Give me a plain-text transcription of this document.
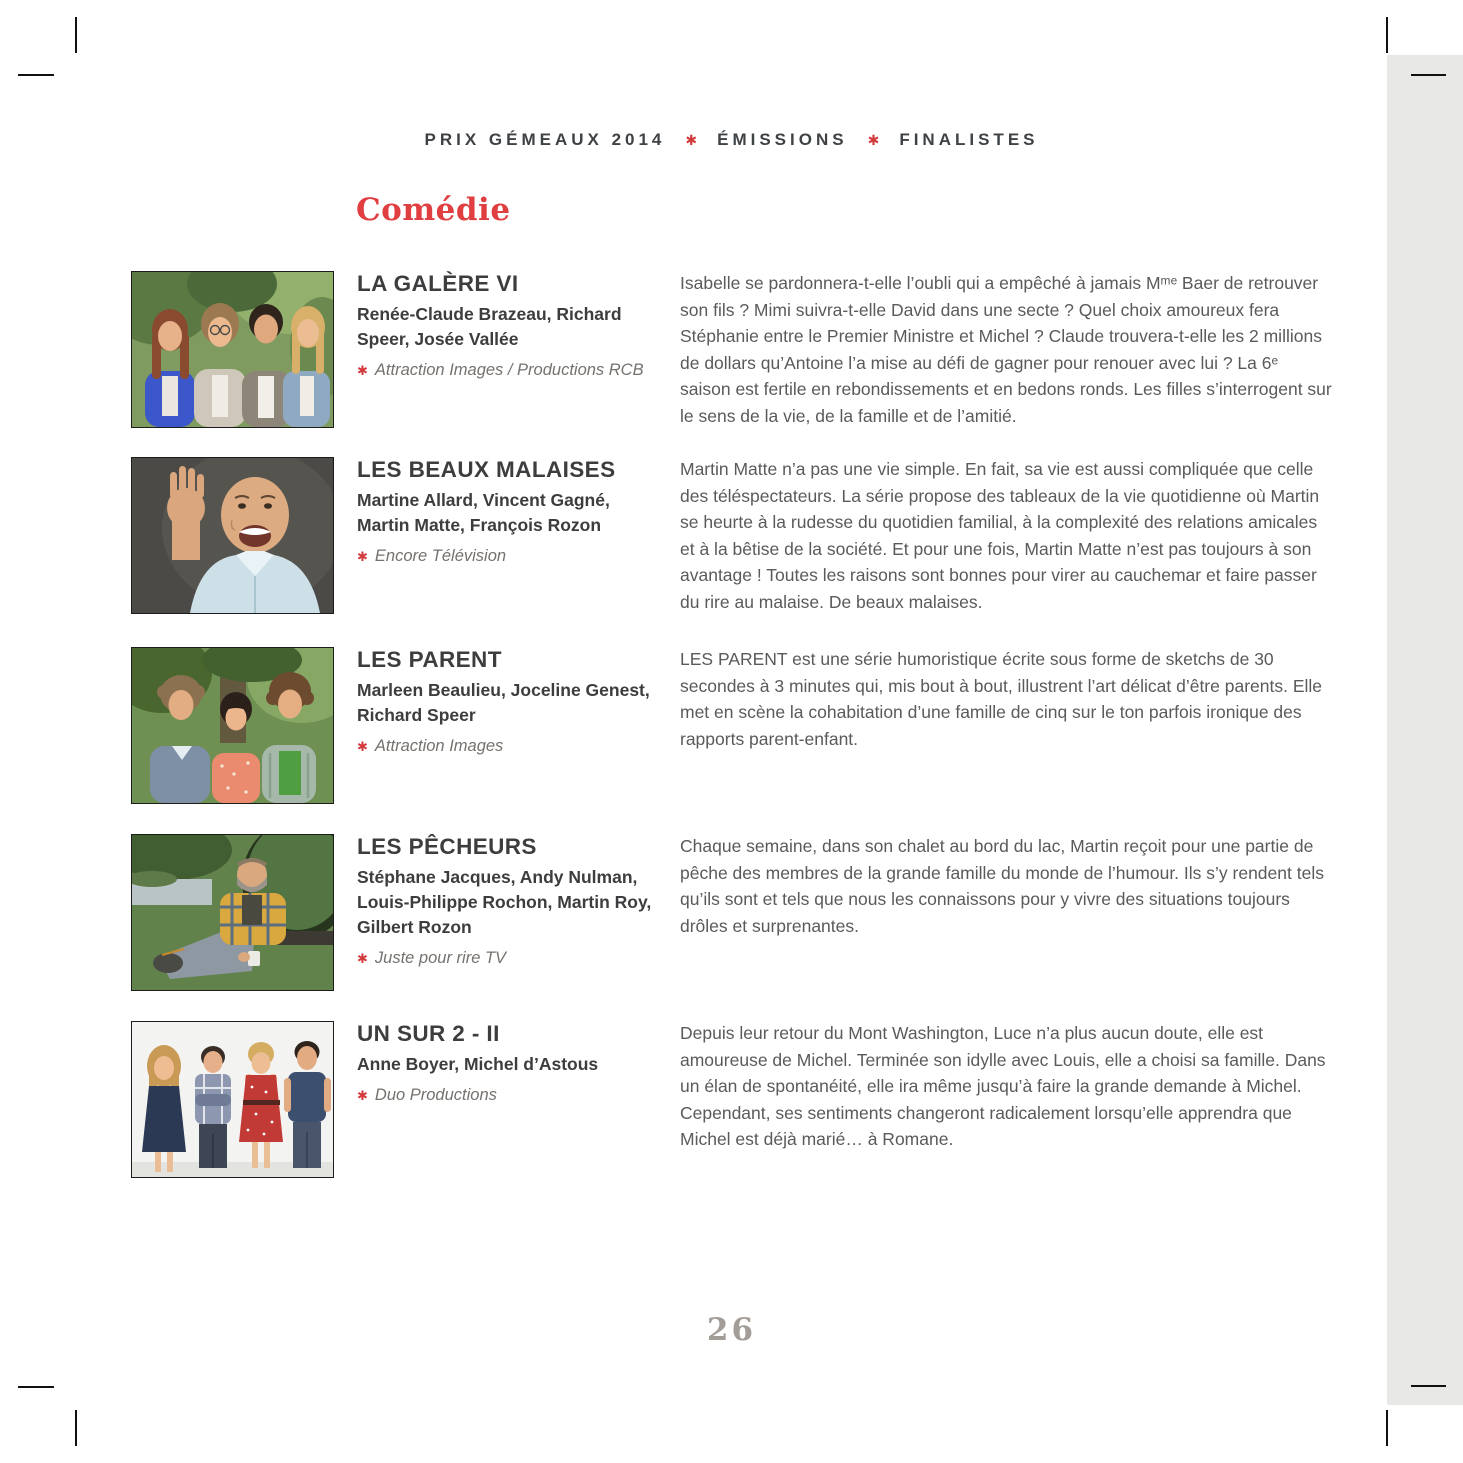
PRIX GÉMEAUX 2014 ✱ ÉMISSIONS ✱ FINALISTES
Comédie
LA GALÈRE VI
Renée-Claude Brazeau, Richard Speer, Josée Vallée
✱ Attraction Images / Productions RCB
Isabelle se pardonnera-t-elle l’oubli qui a empêché à jamais Mᵐᵉ Baer de retrouver son fils ? Mimi suivra-t-elle David dans une secte ? Quel choix amoureux fera Stéphanie entre le Premier Ministre et Michel ? Claude trouvera-t-elle les 2 millions de dollars qu’Antoine l’a mise au défi de gagner pour renouer avec lui ? La 6ᵉ saison est fertile en rebondissements et en bedons ronds. Les filles s’interrogent sur le sens de la vie, de la famille et de l’amitié.
LES BEAUX MALAISES
Martine Allard, Vincent Gagné, Martin Matte, François Rozon
✱ Encore Télévision
Martin Matte n’a pas une vie simple. En fait, sa vie est aussi compliquée que celle des téléspectateurs. La série propose des tableaux de la vie quotidienne où Martin se heurte à la rudesse du quotidien familial, à la complexité des relations amicales et à la bêtise de la société. Et pour une fois, Martin Matte n’est pas toujours à son avantage ! Toutes les raisons sont bonnes pour virer au cauchemar et faire passer du rire au malaise. De beaux malaises.
LES PARENT
Marleen Beaulieu, Joceline Genest, Richard Speer
✱ Attraction Images
LES PARENT est une série humoristique écrite sous forme de sketchs de 30 secondes à 3 minutes qui, mis bout à bout, illustrent l’art délicat d’être parents. Elle met en scène la cohabitation d’une famille de cinq sur le ton parfois ironique des rapports parent-enfant.
LES PÊCHEURS
Stéphane Jacques, Andy Nulman, Louis-Philippe Rochon, Martin Roy, Gilbert Rozon
✱ Juste pour rire TV
Chaque semaine, dans son chalet au bord du lac, Martin reçoit pour une partie de pêche des membres de la grande famille du monde de l’humour. Ils s’y rendent tels qu’ils sont et tels que nous les connaissons pour y vivre des situations toujours drôles et surprenantes.
UN SUR 2 - II
Anne Boyer, Michel d’Astous
✱ Duo Productions
Depuis leur retour du Mont Washington, Luce n’a plus aucun doute, elle est amoureuse de Michel. Terminée son idylle avec Louis, elle a choisi sa famille. Dans un élan de spontanéité, elle ira même jusqu’à faire la grande demande à Michel. Cependant, ses sentiments changeront radicalement lorsqu’elle apprendra que Michel est déjà marié… à Romane.
26
